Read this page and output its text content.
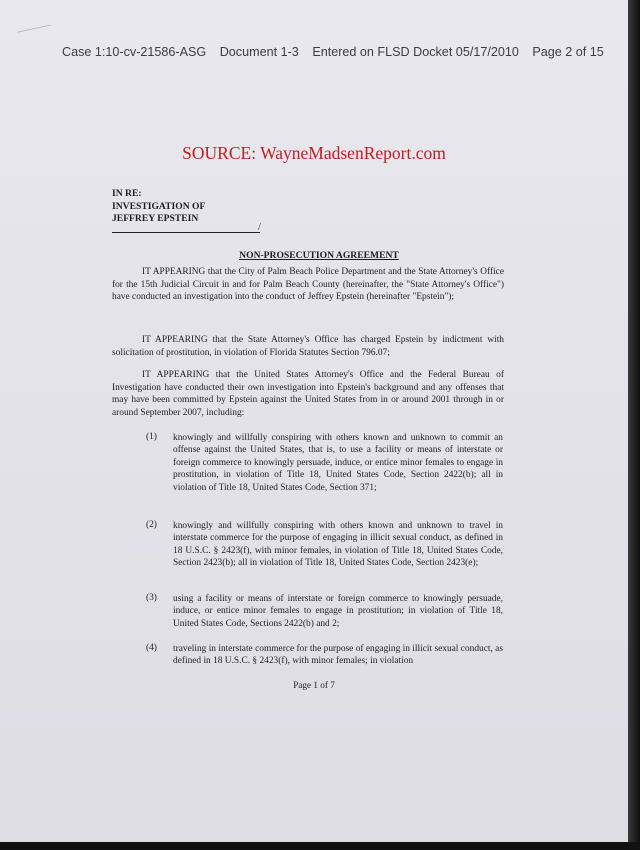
Case 1:10-cv-21586-ASG Document 1-3 Entered on FLSD Docket 05/17/2010 Page 2 of 15
SOURCE: WayneMadsenReport.com
IN RE:
INVESTIGATION OF
JEFFREY EPSTEIN
/
NON-PROSECUTION AGREEMENT
IT APPEARING that the City of Palm Beach Police Department and the State Attorney's Office for the 15th Judicial Circuit in and for Palm Beach County (hereinafter, the "State Attorney's Office") have conducted an investigation into the conduct of Jeffrey Epstein (hereinafter "Epstein");
IT APPEARING that the State Attorney's Office has charged Epstein by indictment with solicitation of prostitution, in violation of Florida Statutes Section 796.07;
IT APPEARING that the United States Attorney's Office and the Federal Bureau of Investigation have conducted their own investigation into Epstein's background and any offenses that may have been committed by Epstein against the United States from in or around 2001 through in or around September 2007, including:
(1) knowingly and willfully conspiring with others known and unknown to commit an offense against the United States, that is, to use a facility or means of interstate or foreign commerce to knowingly persuade, induce, or entice minor females to engage in prostitution, in violation of Title 18, United States Code, Section 2422(b); all in violation of Title 18, United States Code, Section 371;
(2) knowingly and willfully conspiring with others known and unknown to travel in interstate commerce for the purpose of engaging in illicit sexual conduct, as defined in 18 U.S.C. § 2423(f), with minor females, in violation of Title 18, United States Code, Section 2423(b); all in violation of Title 18, United States Code, Section 2423(e);
(3) using a facility or means of interstate or foreign commerce to knowingly persuade, induce, or entice minor females to engage in prostitution; in violation of Title 18, United States Code, Sections 2422(b) and 2;
(4) traveling in interstate commerce for the purpose of engaging in illicit sexual conduct, as defined in 18 U.S.C. § 2423(f), with minor females; in violation
Page 1 of 7
